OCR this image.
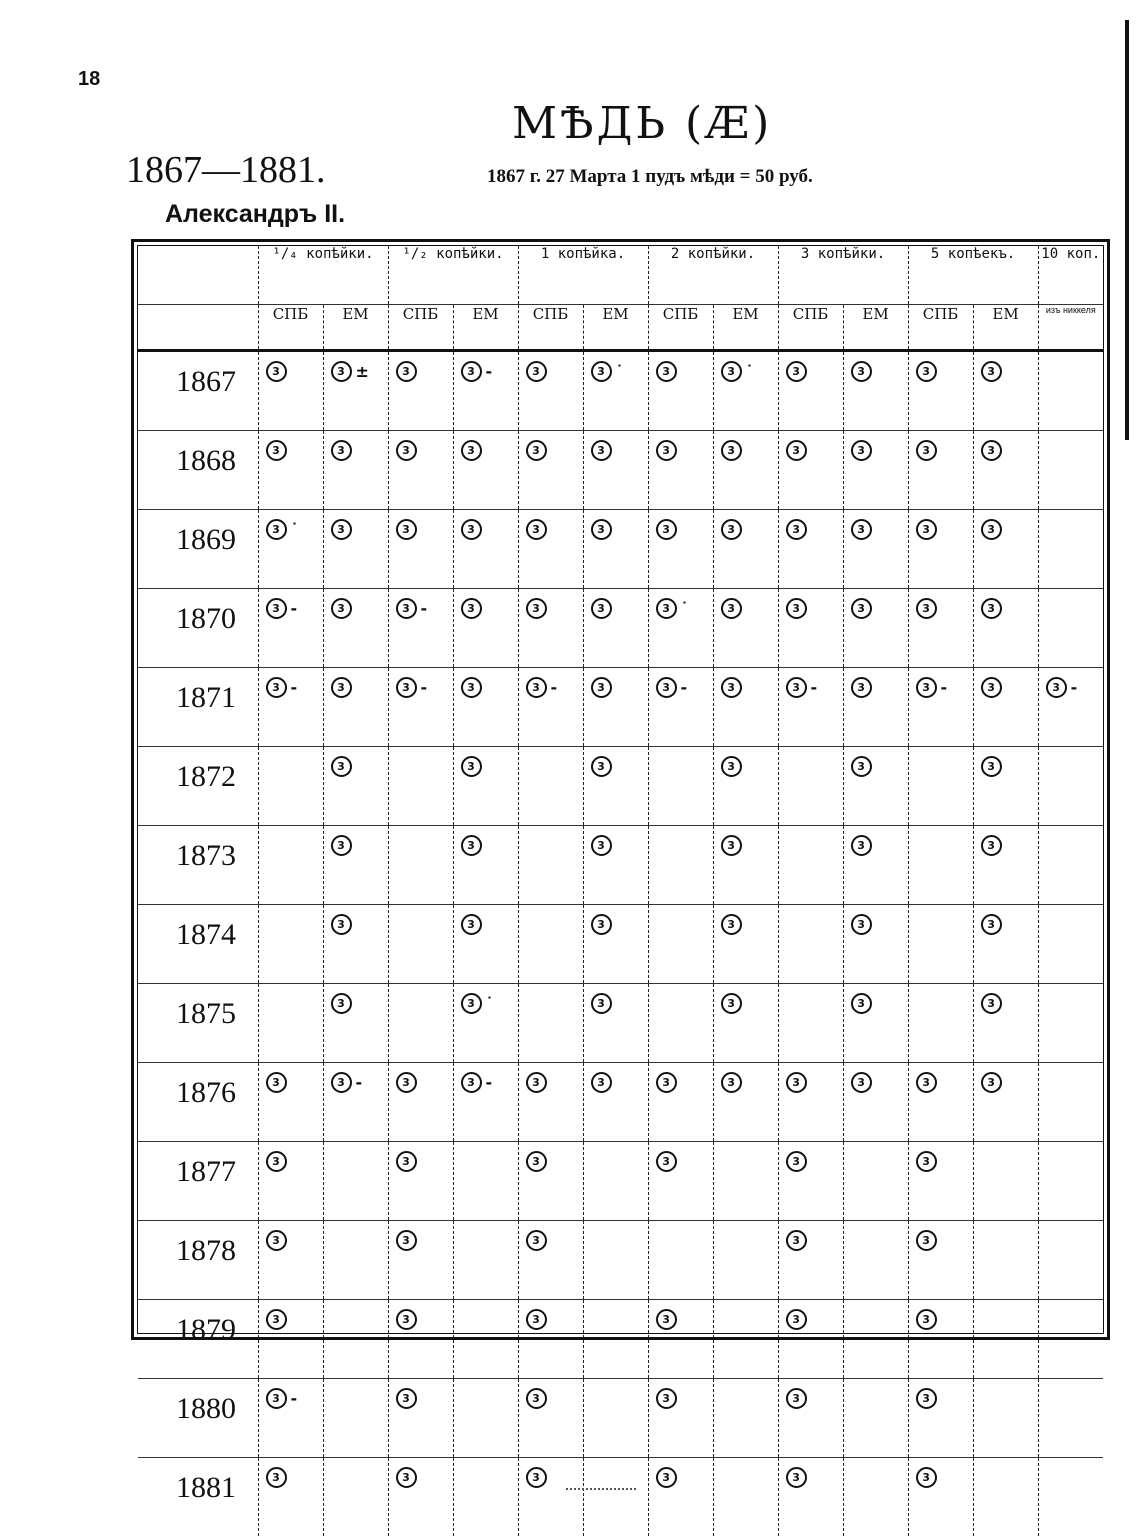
18
МѢДЬ (Æ)
1867—1881.	1867 г. 27 Марта 1 пудъ мѣди = 50 руб.
Александръ II.
	¹/₄ копѣйки.		¹/₂ копѣйки.		1 копѣйка.		2 копѣйки.		3 копѣйки.		5 копѣекъ.		10 коп.
	СПБ	ЕМ	СПБ	ЕМ	СПБ	ЕМ	СПБ	ЕМ	СПБ	ЕМ	СПБ	ЕМ	изъ никкеля
1867	3	3 ±	3	3 -	3	3 ˙	3	3 ˙	3	3	3	3	

1868	3	3	3	3	3	3	3	3	3	3	3	3	

1869	3 ˙	3	3	3	3	3	3	3	3	3	3	3	

1870	3 -	3	3 -	3	3	3	3 ˙	3	3	3	3	3	

1871	3 -	3	3 -	3	3 -	3	3 -	3	3 -	3	3 -	3	3 -

1872		3		3		3		3		3		3	

1873		3		3		3		3		3		3	

1874		3		3		3		3		3		3	

1875		3		3 ˙		3		3		3		3	

1876	3	3 -	3	3 -	3	3	3	3	3	3	3	3	

1877	3		3		3		3		3		3		

1878	3		3		3				3		3		

1879	3		3		3		3		3		3		

1880	3 -		3		3		3		3		3		

1881	3		3		3		3		3		3		
